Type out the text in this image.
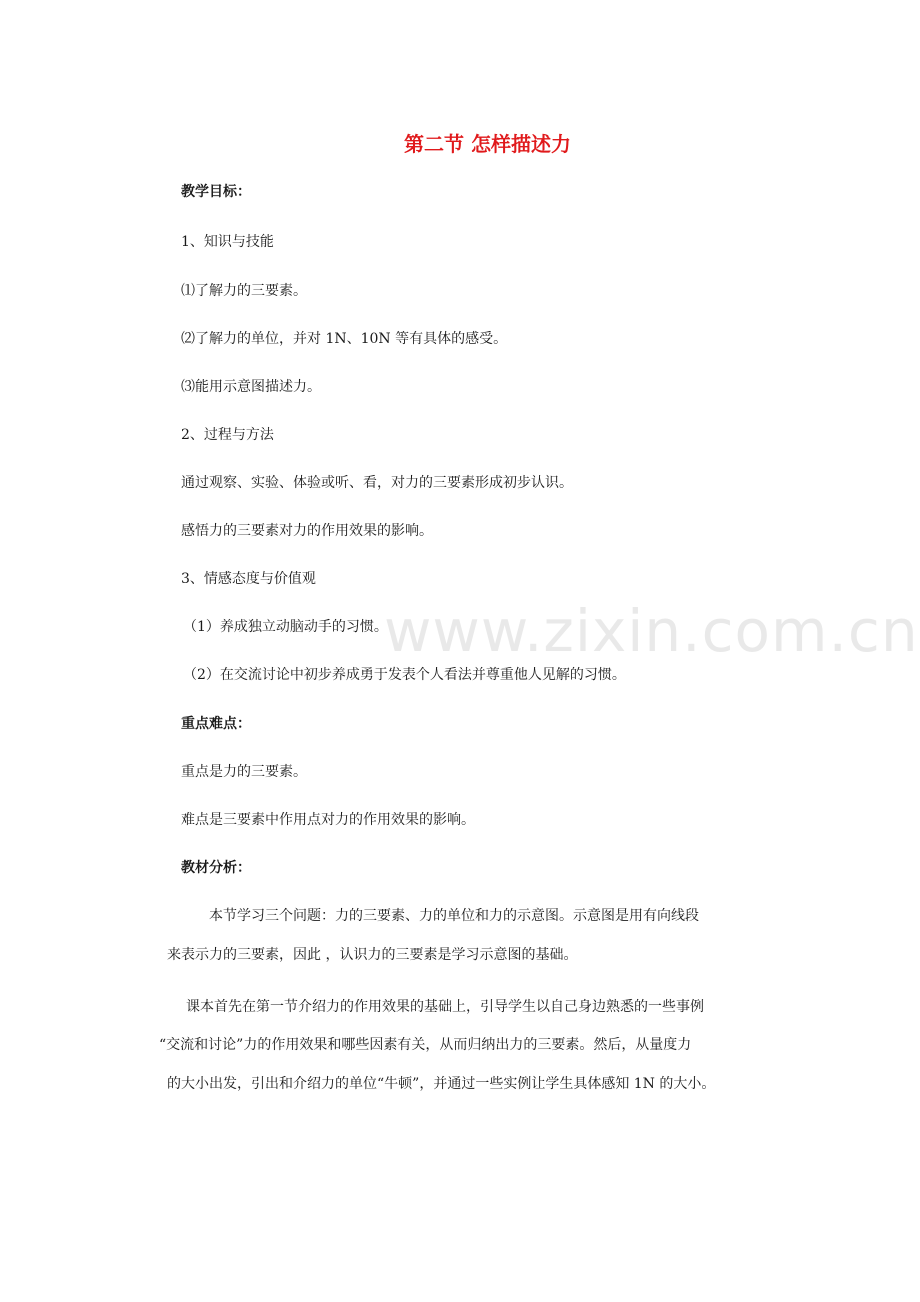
www.zixin.com.cn
第二节 怎样描述力
教学目标：
1、知识与技能
⑴了解力的三要素。
⑵了解力的单位，并对 1N、10N 等有具体的感受。
⑶能用示意图描述力。
2、过程与方法
通过观察、实验、体验或听、看，对力的三要素形成初步认识。
感悟力的三要素对力的作用效果的影响。
3、情感态度与价值观
（1）养成独立动脑动手的习惯。
（2）在交流讨论中初步养成勇于发表个人看法并尊重他人见解的习惯。
重点难点：
重点是力的三要素。
难点是三要素中作用点对力的作用效果的影响。
教材分析：
本节学习三个问题：力的三要素、力的单位和力的示意图。示意图是用有向线段
来表示力的三要素，因此 ，认识力的三要素是学习示意图的基础。
课本首先在第一节介绍力的作用效果的基础上，引导学生以自己身边熟悉的一些事例
“交流和讨论”力的作用效果和哪些因素有关，从而归纳出力的三要素。然后，从量度力
的大小出发，引出和介绍力的单位“牛顿”，并通过一些实例让学生具体感知 1N 的大小。
